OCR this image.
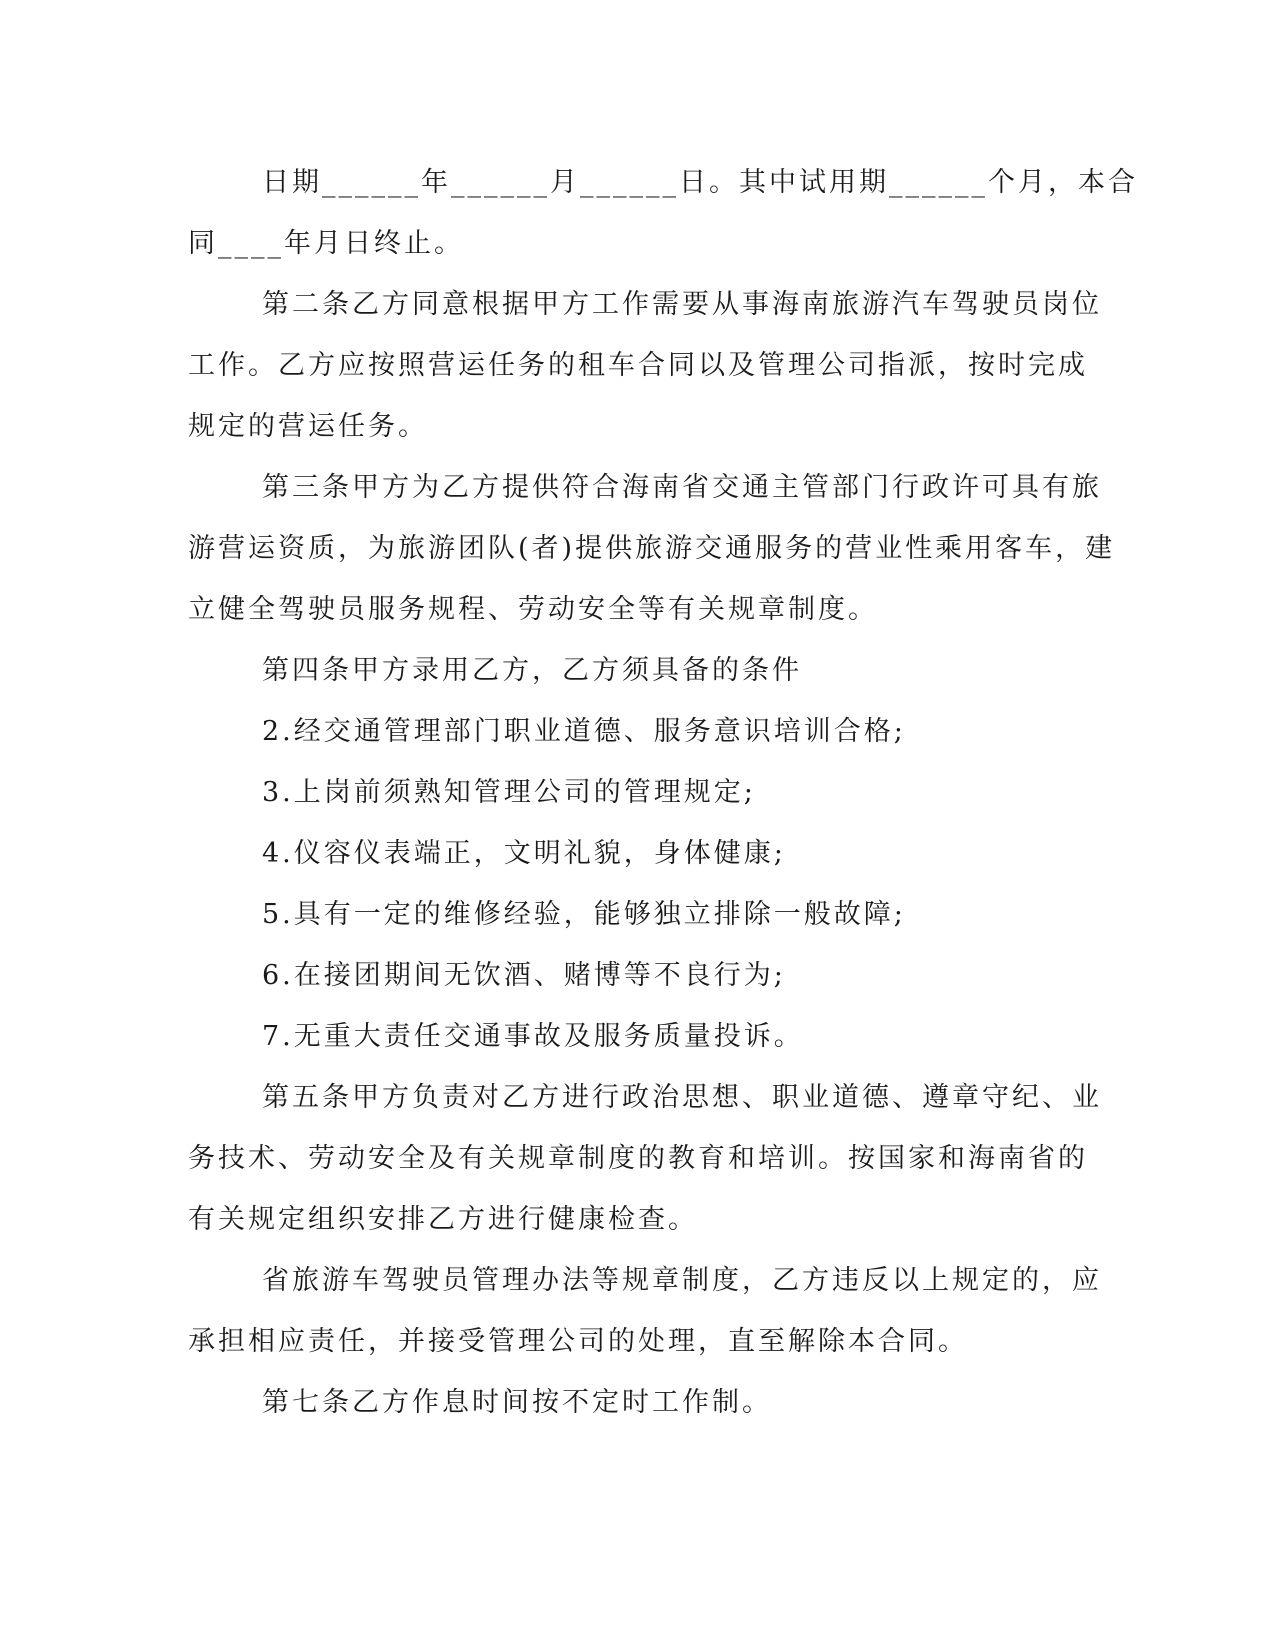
日期______年______月______日。其中试用期______个月，本合
同____年月日终止。

第二条乙方同意根据甲方工作需要从事海南旅游汽车驾驶员岗位
工作。乙方应按照营运任务的租车合同以及管理公司指派，按时完成
规定的营运任务。

第三条甲方为乙方提供符合海南省交通主管部门行政许可具有旅
游营运资质，为旅游团队(者)提供旅游交通服务的营业性乘用客车，建
立健全驾驶员服务规程、劳动安全等有关规章制度。

第四条甲方录用乙方，乙方须具备的条件

2.经交通管理部门职业道德、服务意识培训合格;

3.上岗前须熟知管理公司的管理规定;

4.仪容仪表端正，文明礼貌，身体健康;

5.具有一定的维修经验，能够独立排除一般故障;

6.在接团期间无饮酒、赌博等不良行为;

7.无重大责任交通事故及服务质量投诉。

第五条甲方负责对乙方进行政治思想、职业道德、遵章守纪、业
务技术、劳动安全及有关规章制度的教育和培训。按国家和海南省的
有关规定组织安排乙方进行健康检查。

省旅游车驾驶员管理办法等规章制度，乙方违反以上规定的，应
承担相应责任，并接受管理公司的处理，直至解除本合同。

第七条乙方作息时间按不定时工作制。
